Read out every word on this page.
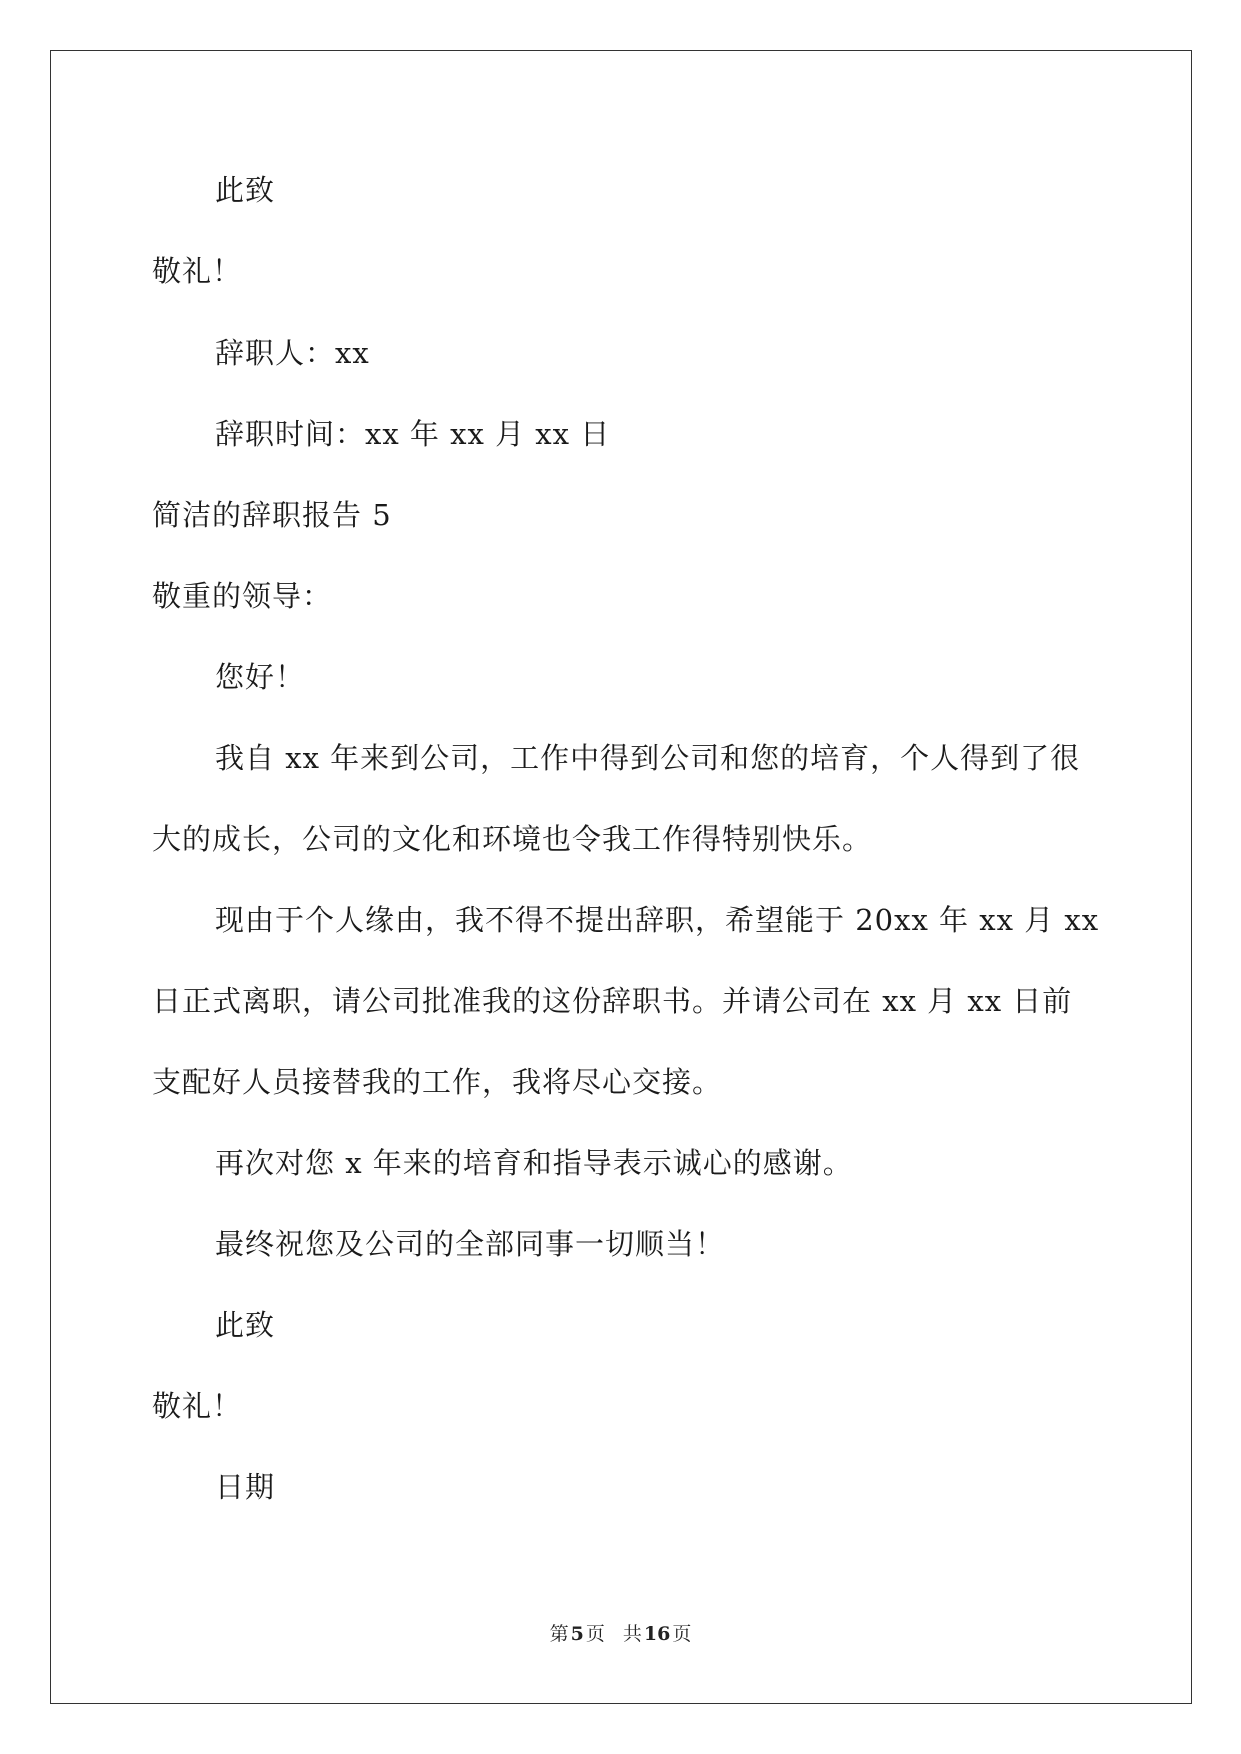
此致
敬礼！
辞职人：xx
辞职时间：xx 年 xx 月 xx 日
简洁的辞职报告 5
敬重的领导：
您好！
我自 xx 年来到公司，工作中得到公司和您的培育，个人得到了很
大的成长，公司的文化和环境也令我工作得特别快乐。
现由于个人缘由，我不得不提出辞职，希望能于 20xx 年 xx 月 xx
日正式离职，请公司批准我的这份辞职书。并请公司在 xx 月 xx 日前
支配好人员接替我的工作，我将尽心交接。
再次对您 x 年来的培育和指导表示诚心的感谢。
最终祝您及公司的全部同事一切顺当！
此致
敬礼！
日期
第 5 页 共 16 页
